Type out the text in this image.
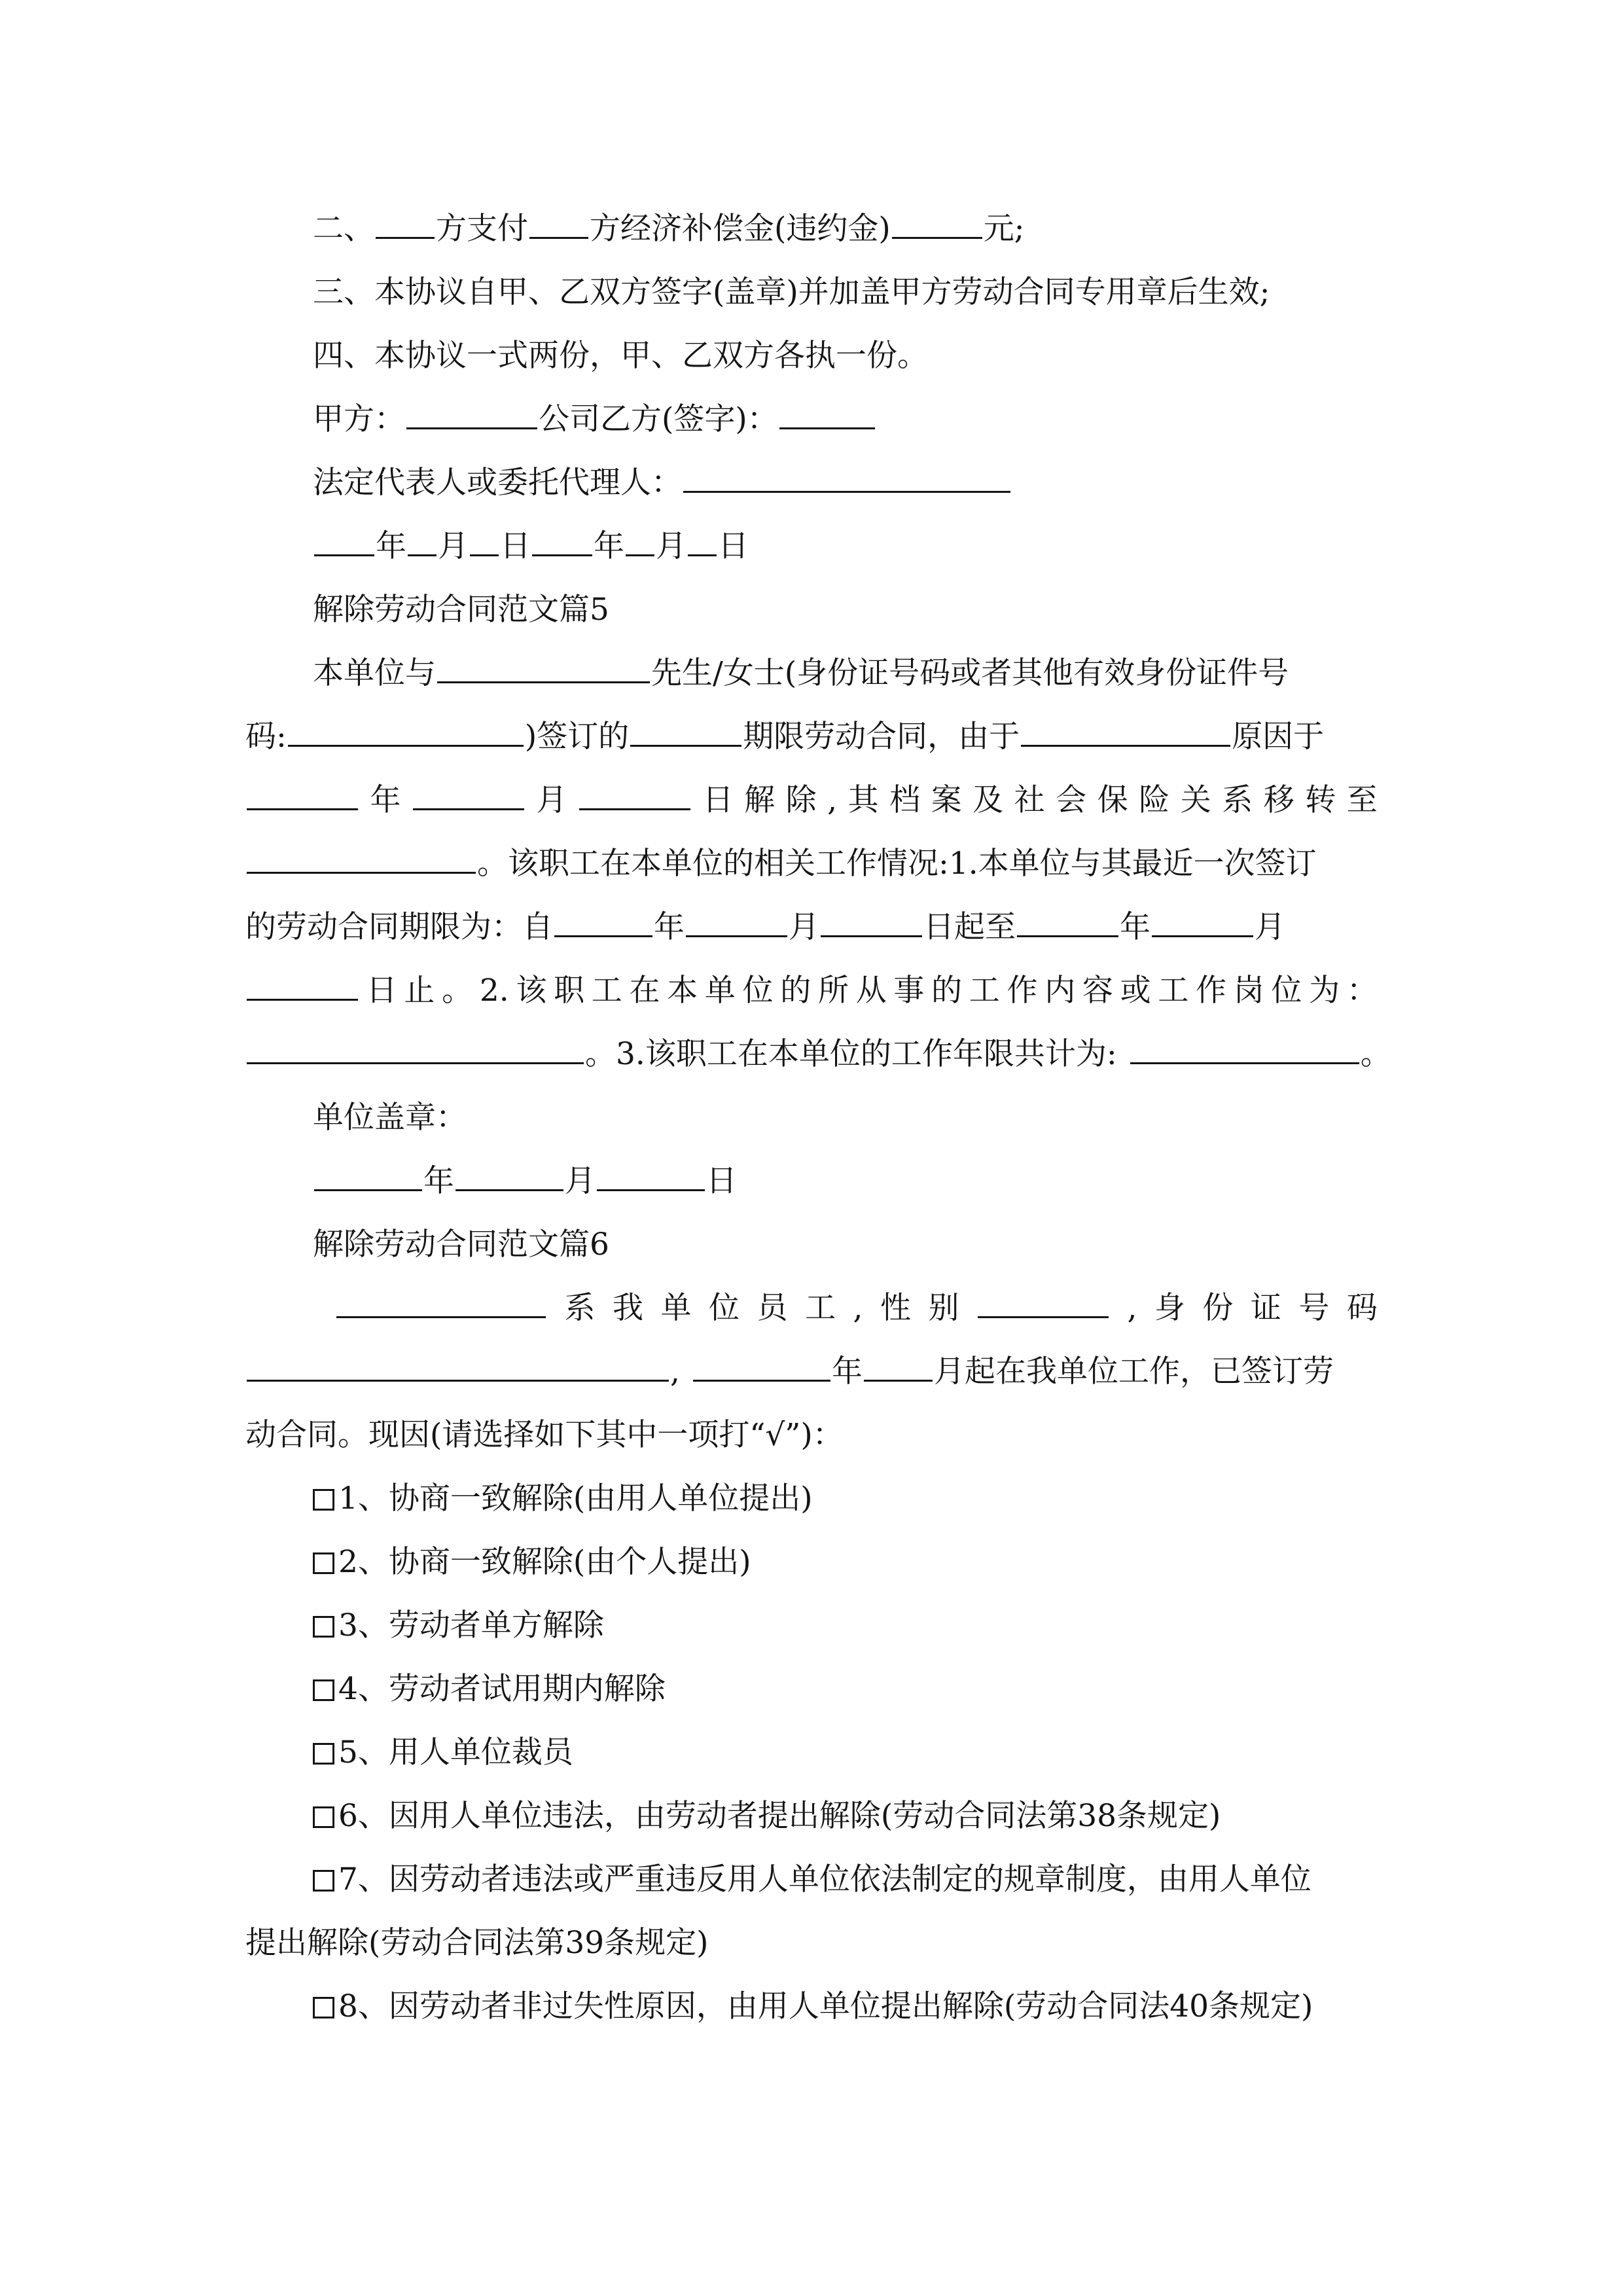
二、 方支付 方经济补偿金(违约金)	元;
三、本协议自甲、乙双方签字(盖章)并加盖甲方劳动合同专用章后生效;
四、本协议一式两份，甲、乙双方各执一份。
甲方：	公司乙方(签字)：
法定代表人或委托代理人：
年 月 日 年 月 日
解除劳动合同范文篇5
本单位与	先生/女士(身份证号码或者其他有效身份证件号
码:	)签订的	期限劳动合同，由于	原因于
年	月	日 解 除 , 其 档 案 及 社 会 保 险 关 系 移 转 至
。该职工在本单位的相关工作情况:1.本单位与其最近一次签订
的劳动合同期限为：自	年	月	日起至	年	月
日 止 。 2. 该 职 工 在 本 单 位 的 所 从 事 的 工 作 内 容 或 工 作 岗 位 为 ：
。3.该职工在本单位的工作年限共计为:	。
单位盖章：
年	月	日
解除劳动合同范文篇6
系 我 单 位 员 工 , 性 别	, 身 份 证 号 码
,	年 月起在我单位工作，已签订劳
动合同。现因(请选择如下其中一项打“√”)：
1、协商一致解除(由用人单位提出)
2、协商一致解除(由个人提出)
3、劳动者单方解除
4、劳动者试用期内解除
5、用人单位裁员
6、因用人单位违法，由劳动者提出解除(劳动合同法第38条规定)
7、因劳动者违法或严重违反用人单位依法制定的规章制度，由用人单位
提出解除(劳动合同法第39条规定)
8、因劳动者非过失性原因，由用人单位提出解除(劳动合同法40条规定)
